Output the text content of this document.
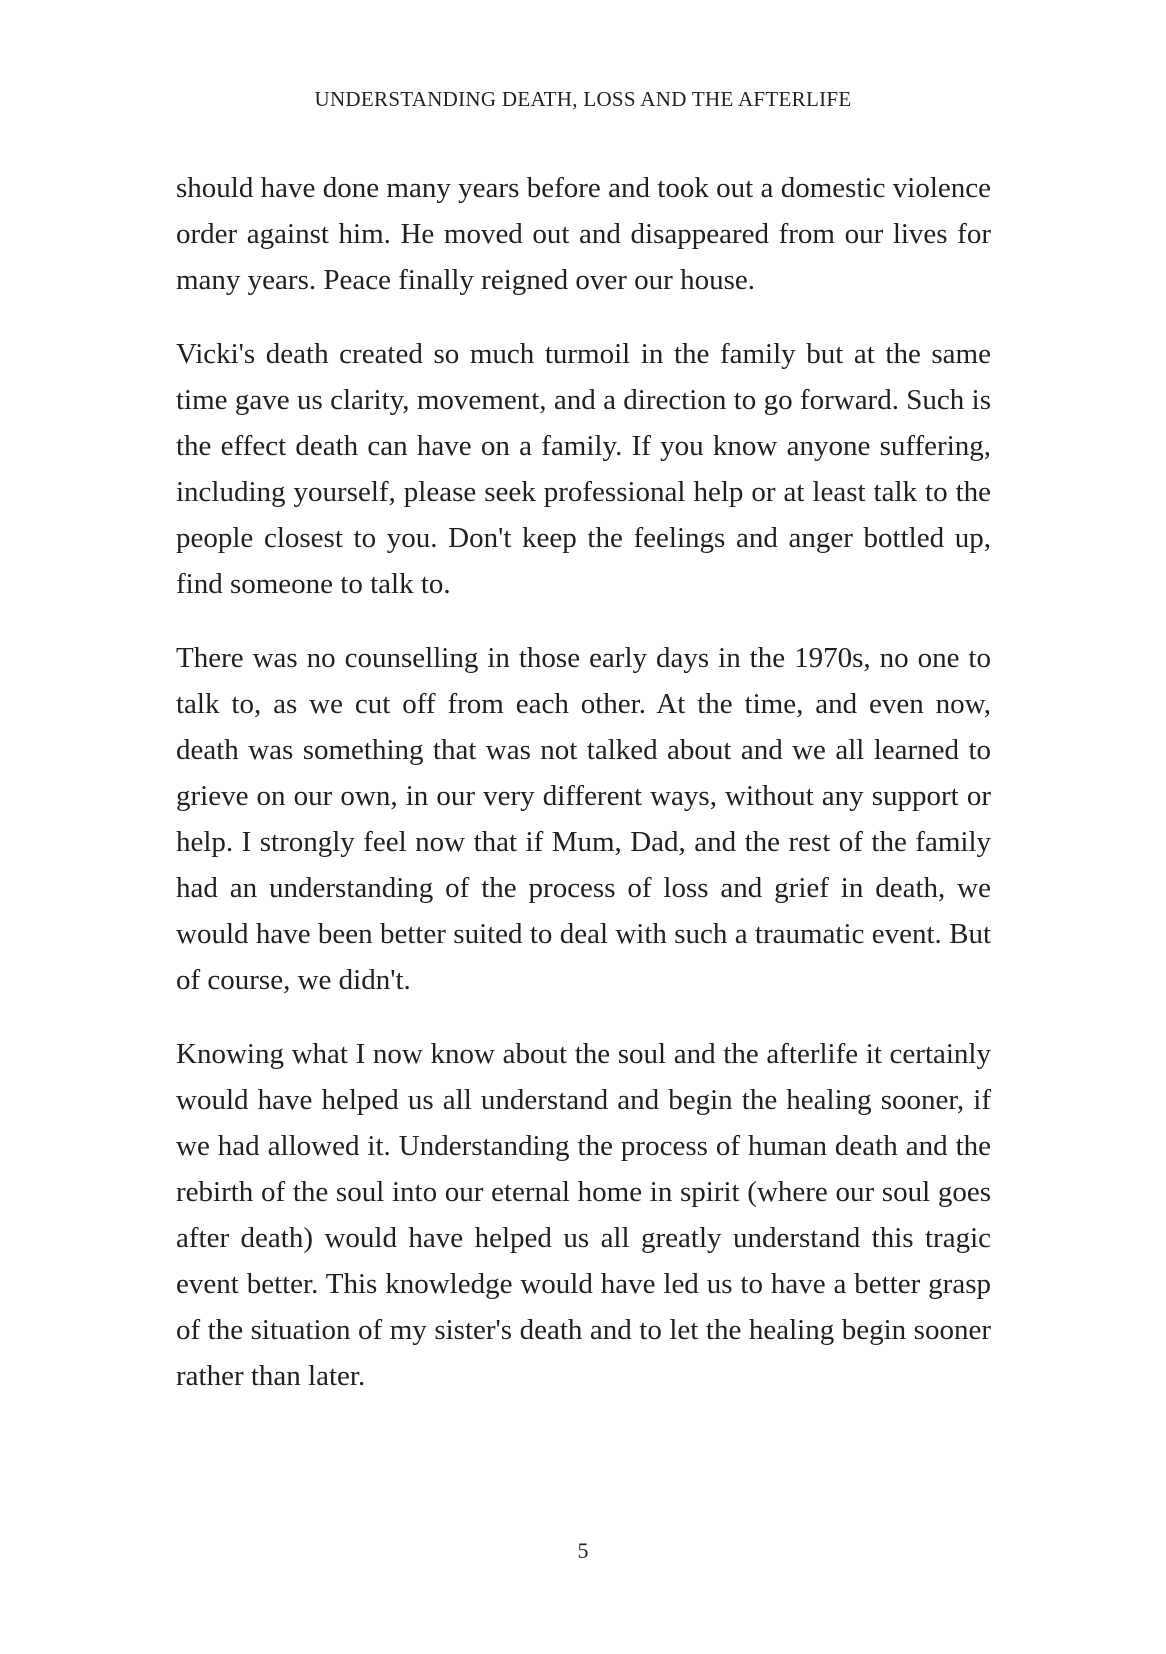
UNDERSTANDING DEATH, LOSS AND THE AFTERLIFE

should have done many years before and took out a domestic violence order against him. He moved out and disappeared from our lives for many years. Peace finally reigned over our house.

Vicki's death created so much turmoil in the family but at the same time gave us clarity, movement, and a direction to go forward. Such is the effect death can have on a family. If you know anyone suffering, including yourself, please seek professional help or at least talk to the people closest to you. Don't keep the feelings and anger bottled up, find someone to talk to.

There was no counselling in those early days in the 1970s, no one to talk to, as we cut off from each other. At the time, and even now, death was something that was not talked about and we all learned to grieve on our own, in our very different ways, without any support or help. I strongly feel now that if Mum, Dad, and the rest of the family had an understanding of the process of loss and grief in death, we would have been better suited to deal with such a traumatic event. But of course, we didn't.

Knowing what I now know about the soul and the afterlife it certainly would have helped us all understand and begin the healing sooner, if we had allowed it. Understanding the process of human death and the rebirth of the soul into our eternal home in spirit (where our soul goes after death) would have helped us all greatly understand this tragic event better. This knowledge would have led us to have a better grasp of the situation of my sister's death and to let the healing begin sooner rather than later.

5
